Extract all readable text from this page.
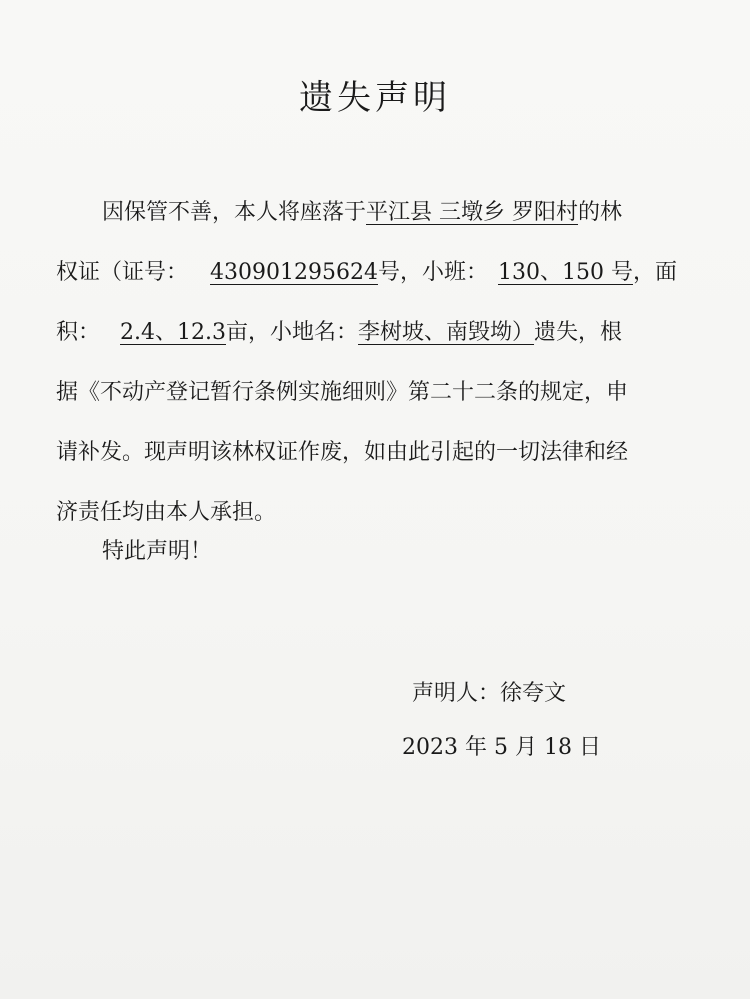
遗失声明
因保管不善，本人将座落于平江县 三墩乡 罗阳村的林
权证（证号： 430901295624号，小班： 130、150 号，面
积： 2.4、12.3亩，小地名：李树坡、南毁坳）遗失，根
据《不动产登记暂行条例实施细则》第二十二条的规定，申
请补发。现声明该林权证作废，如由此引起的一切法律和经
济责任均由本人承担。
特此声明！
声明人：徐夸文
2023 年 5 月 18 日
